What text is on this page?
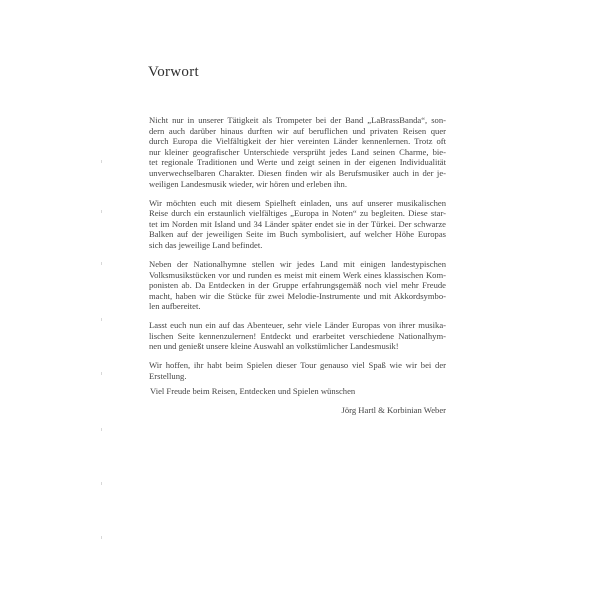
Vorwort
Nicht nur in unserer Tätigkeit als Trompeter bei der Band „LaBrassBanda“, son-
dern auch darüber hinaus durften wir auf beruflichen und privaten Reisen quer
durch Europa die Vielfältigkeit der hier vereinten Länder kennenlernen. Trotz oft
nur kleiner geografischer Unterschiede versprüht jedes Land seinen Charme, bie-
tet regionale Traditionen und Werte und zeigt seinen in der eigenen Individualität
unverwechselbaren Charakter. Diesen finden wir als Berufsmusiker auch in der je-
weiligen Landesmusik wieder, wir hören und erleben ihn.
Wir möchten euch mit diesem Spielheft einladen, uns auf unserer musikalischen
Reise durch ein erstaunlich vielfältiges „Europa in Noten“ zu begleiten. Diese star-
tet im Norden mit Island und 34 Länder später endet sie in der Türkei. Der schwarze
Balken auf der jeweiligen Seite im Buch symbolisiert, auf welcher Höhe Europas
sich das jeweilige Land befindet.
Neben der Nationalhymne stellen wir jedes Land mit einigen landestypischen
Volksmusikstücken vor und runden es meist mit einem Werk eines klassischen Kom-
ponisten ab. Da Entdecken in der Gruppe erfahrungsgemäß noch viel mehr Freude
macht, haben wir die Stücke für zwei Melodie-Instrumente und mit Akkordsymbo-
len aufbereitet.
Lasst euch nun ein auf das Abenteuer, sehr viele Länder Europas von ihrer musika-
lischen Seite kennenzulernen! Entdeckt und erarbeitet verschiedene Nationalhym-
nen und genießt unsere kleine Auswahl an volkstümlicher Landesmusik!
Wir hoffen, ihr habt beim Spielen dieser Tour genauso viel Spaß wie wir bei der
Erstellung.
Viel Freude beim Reisen, Entdecken und Spielen wünschen
Jörg Hartl & Korbinian Weber
